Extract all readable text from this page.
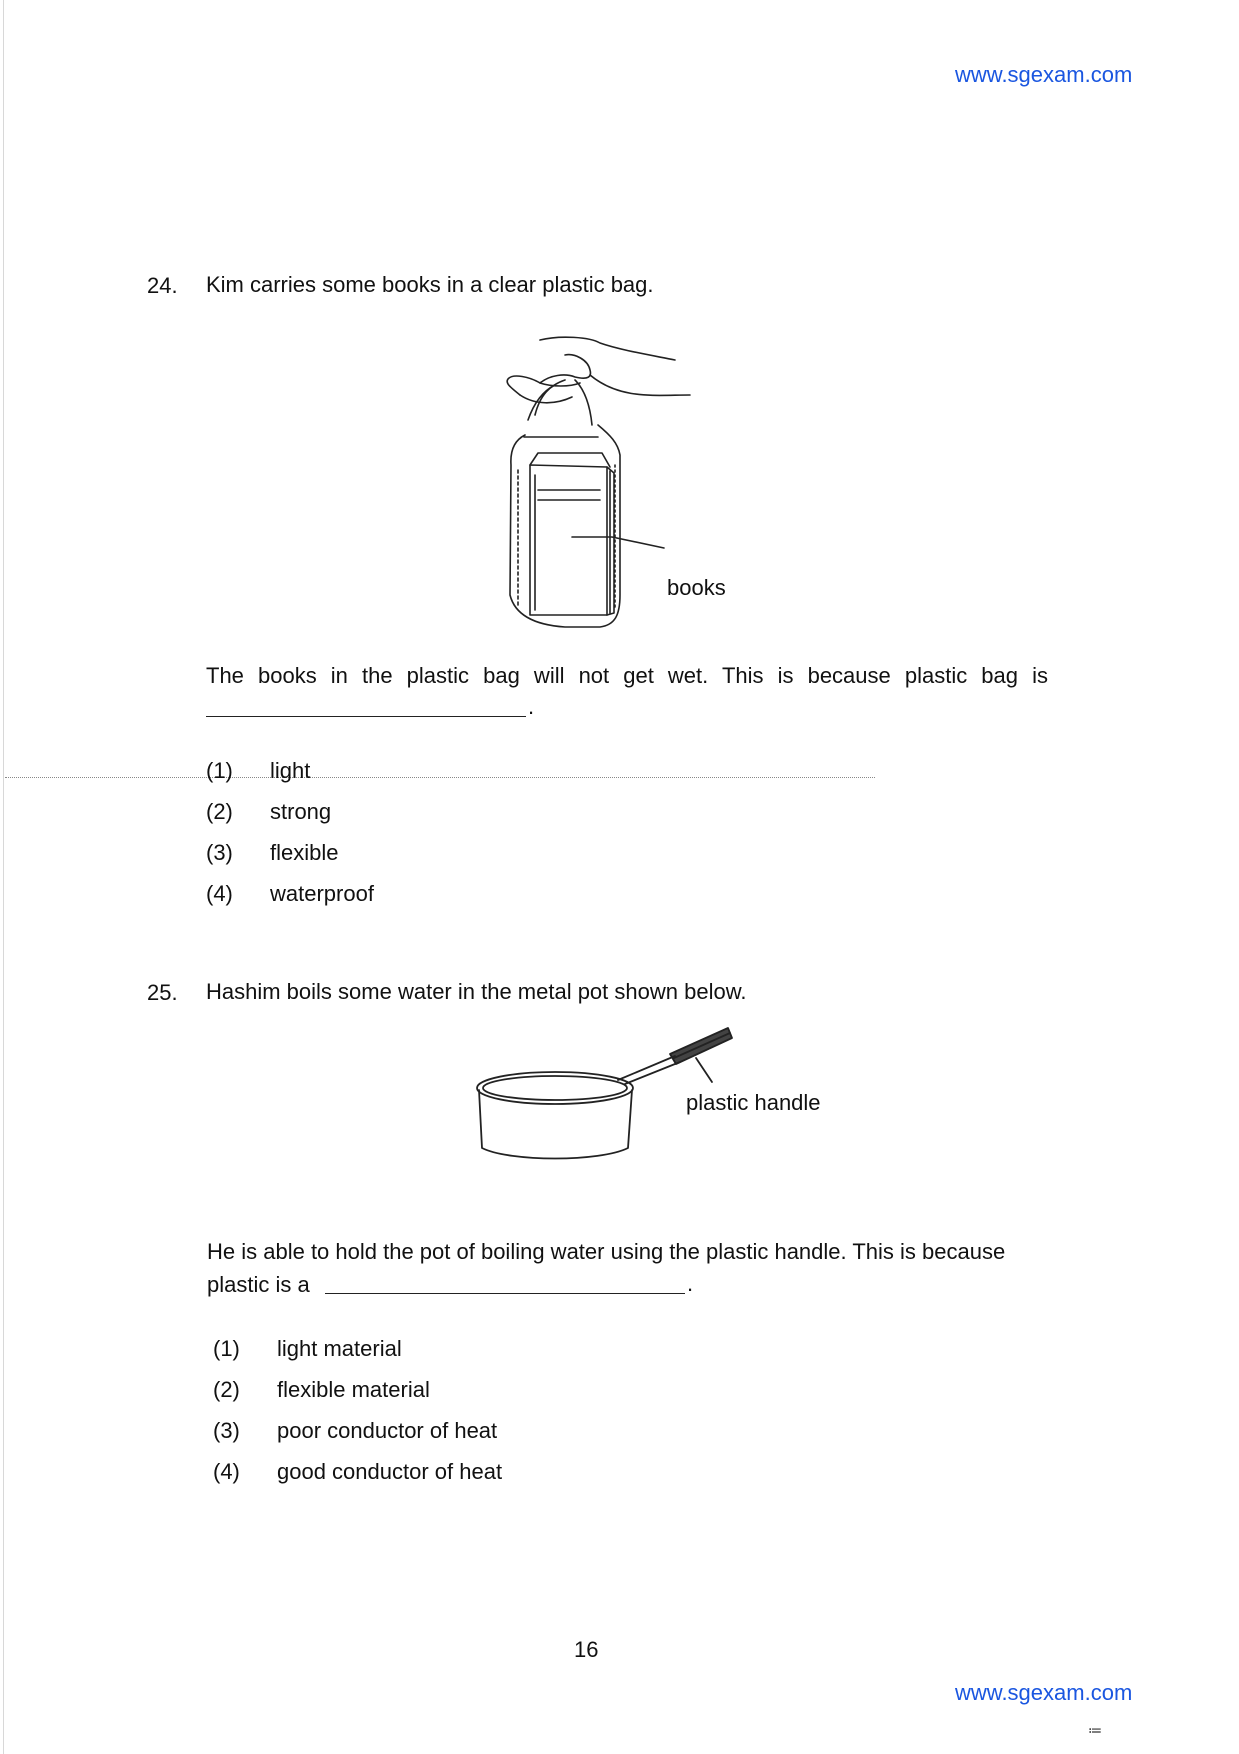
www.sgexam.com
24. Kim carries some books in a clear plastic bag.
books
The books in the plastic bag will not get wet. This is because plastic bag is
.
(1)	light
(2)	strong
(3)	flexible
(4)	waterproof
25. Hashim boils some water in the metal pot shown below.
plastic handle
He is able to hold the pot of boiling water using the plastic handle. This is because
plastic is a	.
(1)	light material
(2)	flexible material
(3)	poor conductor of heat
(4)	good conductor of heat
16
www.sgexam.com
≔
